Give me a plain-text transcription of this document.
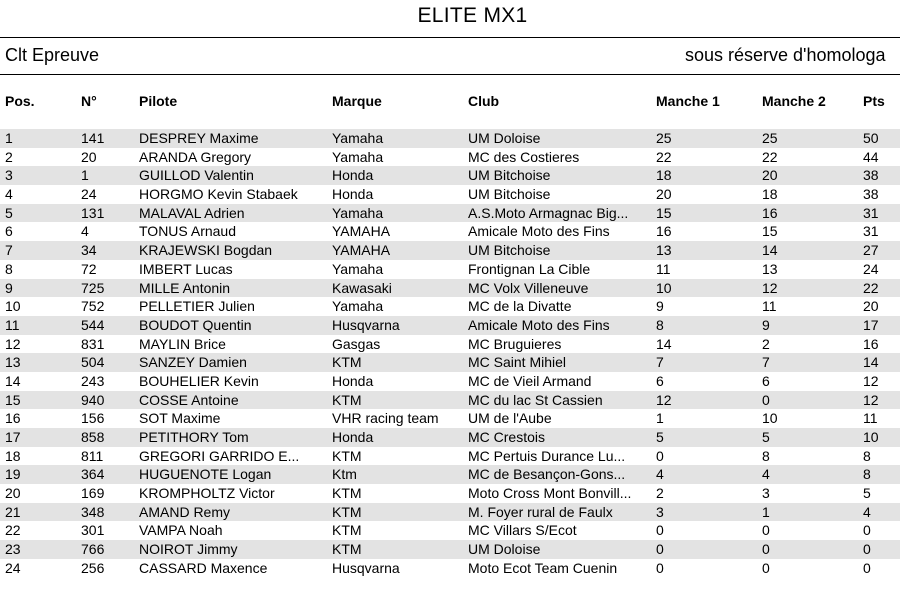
ELITE MX1
Clt Epreuve	sous réserve d'homologa
Pos.	N°	Pilote	Marque	Club	Manche 1	Manche 2	Pts
1	141	DESPREY Maxime	Yamaha	UM Doloise	25	25	50
2	20	ARANDA Gregory	Yamaha	MC des Costieres	22	22	44
3	1	GUILLOD Valentin	Honda	UM Bitchoise	18	20	38
4	24	HORGMO Kevin Stabaek	Honda	UM Bitchoise	20	18	38
5	131	MALAVAL Adrien	Yamaha	A.S.Moto Armagnac Big...	15	16	31
6	4	TONUS Arnaud	YAMAHA	Amicale Moto des Fins	16	15	31
7	34	KRAJEWSKI Bogdan	YAMAHA	UM Bitchoise	13	14	27
8	72	IMBERT Lucas	Yamaha	Frontignan La Cible	11	13	24
9	725	MILLE Antonin	Kawasaki	MC Volx Villeneuve	10	12	22
10	752	PELLETIER Julien	Yamaha	MC de la Divatte	9	11	20
11	544	BOUDOT Quentin	Husqvarna	Amicale Moto des Fins	8	9	17
12	831	MAYLIN Brice	Gasgas	MC Bruguieres	14	2	16
13	504	SANZEY Damien	KTM	MC Saint Mihiel	7	7	14
14	243	BOUHELIER Kevin	Honda	MC de Vieil Armand	6	6	12
15	940	COSSE Antoine	KTM	MC du lac St Cassien	12	0	12
16	156	SOT Maxime	VHR racing team	UM de l'Aube	1	10	11
17	858	PETITHORY Tom	Honda	MC Crestois	5	5	10
18	811	GREGORI GARRIDO E...	KTM	MC Pertuis Durance Lu...	0	8	8
19	364	HUGUENOTE Logan	Ktm	MC de Besançon-Gons...	4	4	8
20	169	KROMPHOLTZ Victor	KTM	Moto Cross Mont Bonvill...	2	3	5
21	348	AMAND Remy	KTM	M. Foyer rural de Faulx	3	1	4
22	301	VAMPA Noah	KTM	MC Villars S/Ecot	0	0	0
23	766	NOIROT Jimmy	KTM	UM Doloise	0	0	0
24	256	CASSARD Maxence	Husqvarna	Moto Ecot Team Cuenin	0	0	0
